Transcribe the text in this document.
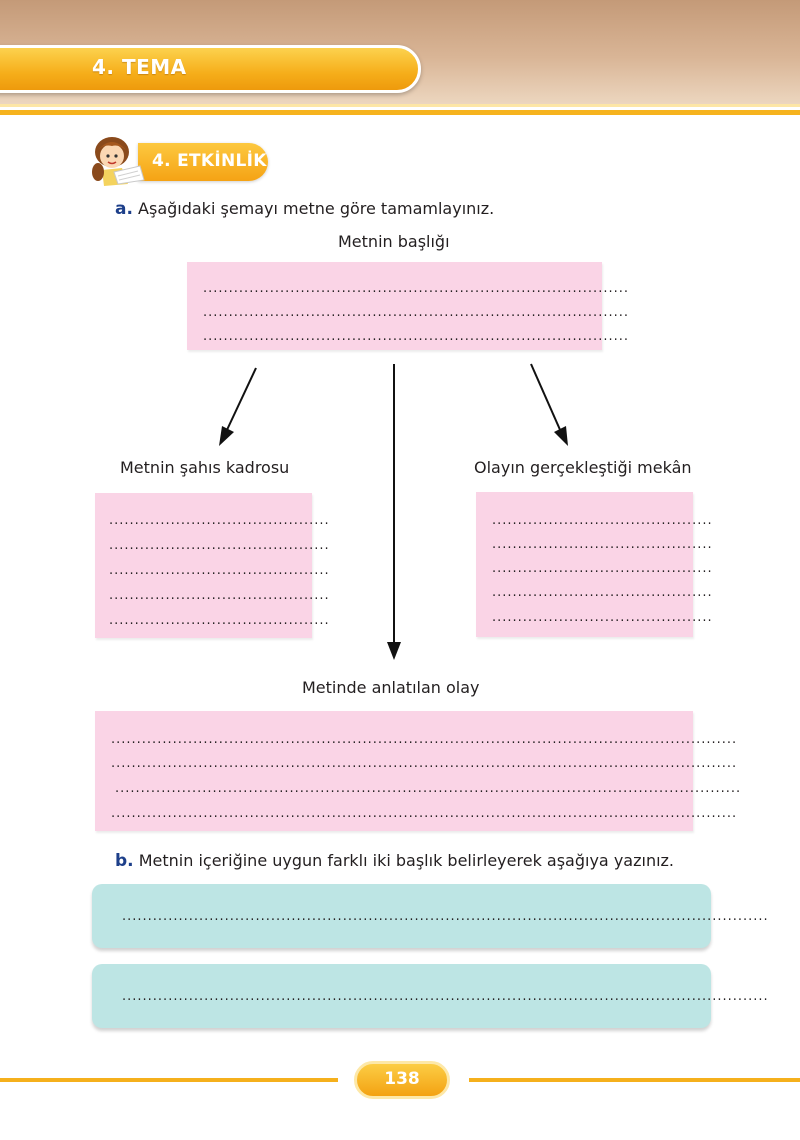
4. TEMA
4. ETKİNLİK
a. Aşağıdaki şemayı metne göre tamamlayınız.
Metnin başlığı
...................................................................................
...................................................................................
...................................................................................
Metnin şahıs kadrosu	Olayın gerçekleştiği mekân
...........................................
...........................................
...........................................
...........................................
...........................................
...........................................
...........................................
...........................................
...........................................
...........................................
Metinde anlatılan olay
..........................................................................................................................
..........................................................................................................................
..........................................................................................................................
..........................................................................................................................
b. Metnin içeriğine uygun farklı iki başlık belirleyerek aşağıya yazınız.
..............................................................................................................................
..............................................................................................................................
138
